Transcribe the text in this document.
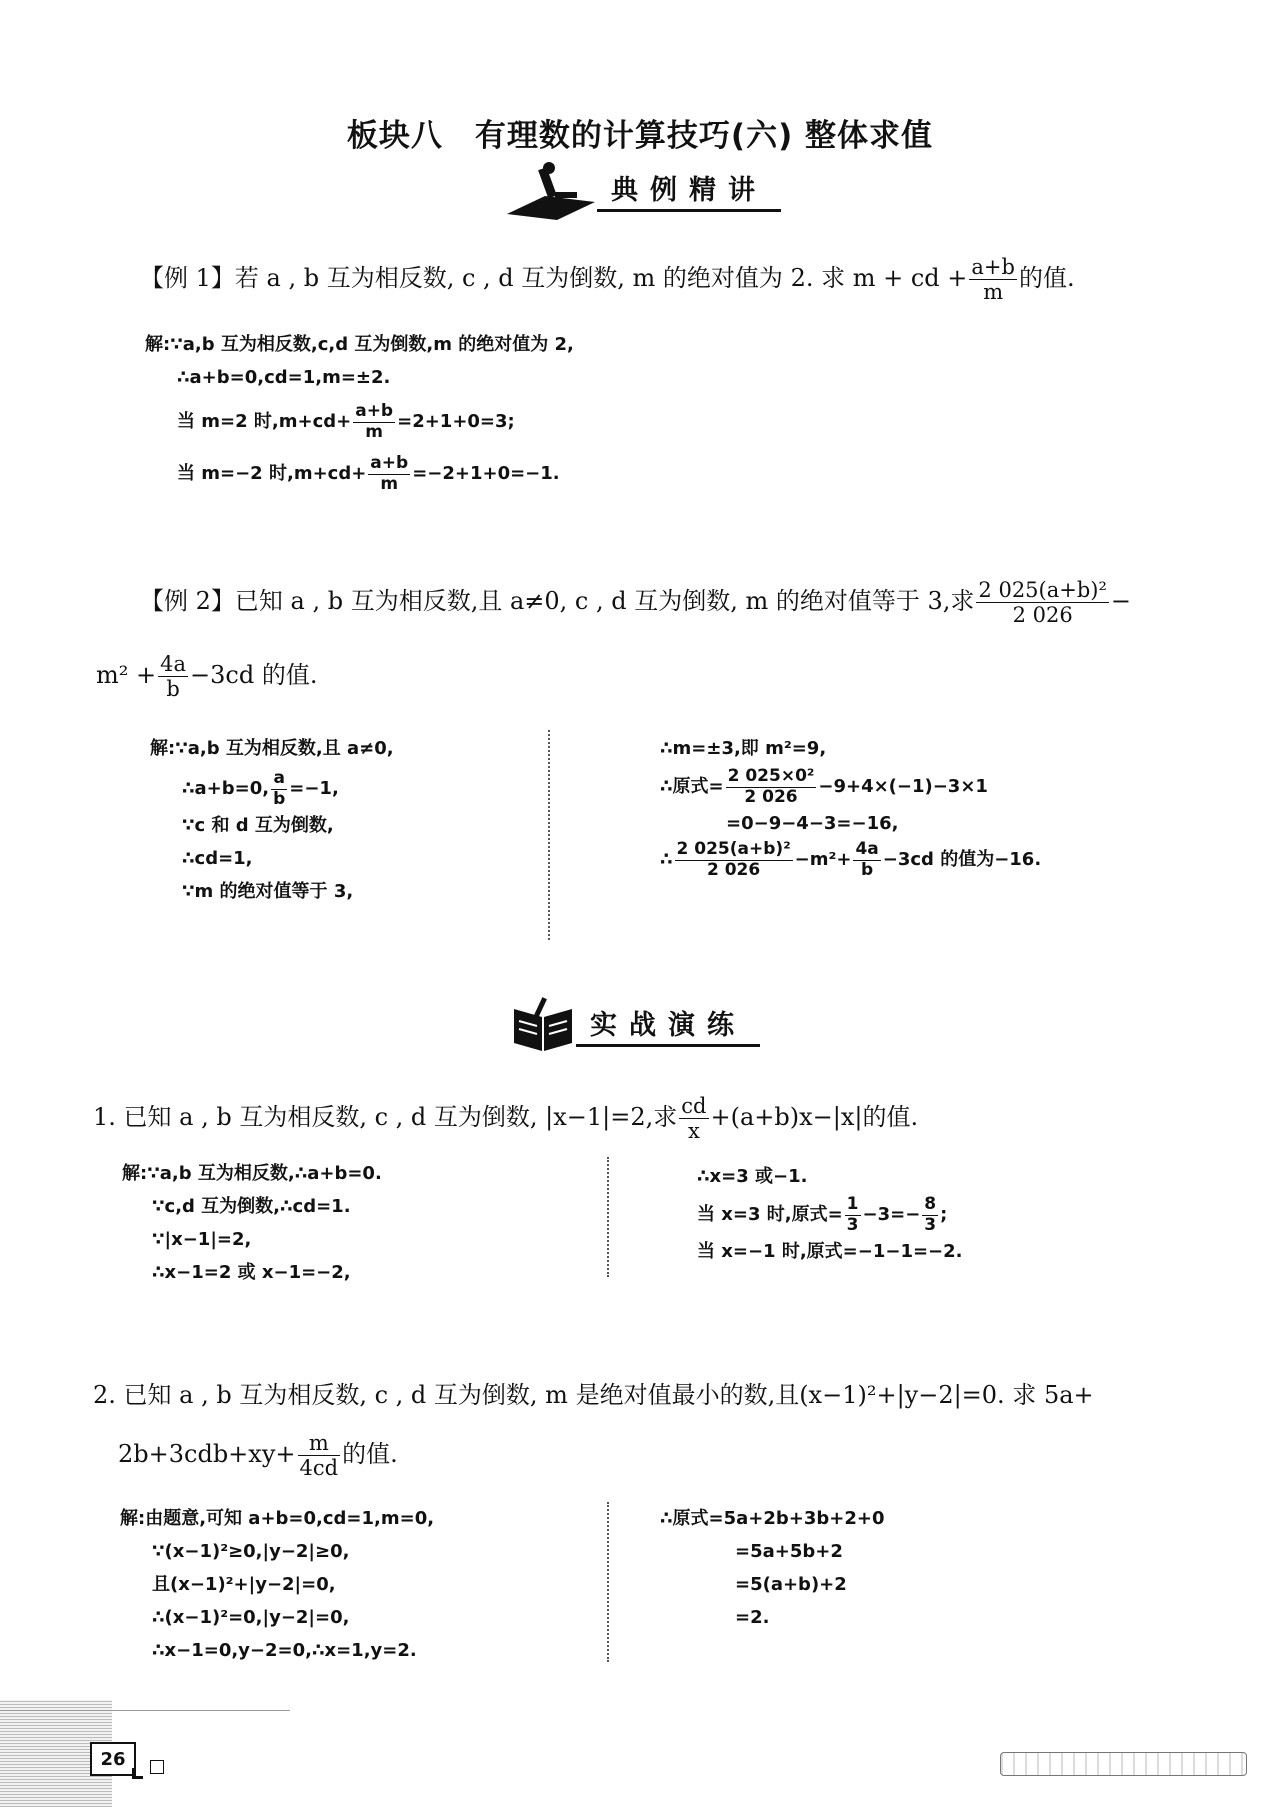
板块八　有理数的计算技巧(六) 整体求值
典例精讲
【例 1】若 a , b 互为相反数, c , d 互为倒数, m 的绝对值为 2. 求 m + cd + $\frac{a+b}{m}$ 的值.
解:∵a,b 互为相反数,c,d 互为倒数,m 的绝对值为 2,
∴a+b=0,cd=1,m=±2.
当 m=2 时$,m+cd+ \frac{a+b}{m} =2+1+0=3$;
当 m=−2 时$,m+cd+ \frac{a+b}{m} =-2+1+0=-1$.
【例 2】已知 a , b 互为相反数,且 a≠0, c , d 互为倒数, m 的绝对值等于 3,求 $\frac{\text{2 025(a+b)²}}{2 026}$ −
$m^2 + \frac{4a}{b} -3cd$ 的值.
解:∵a,b 互为相反数,且 a≠0,
∴a+b=0, $\frac{a}{b} =-1$,
∵c 和 d 互为倒数,
∴cd=1,
∵m 的绝对值等于 3,
∴m=±3,即 m²=9,
∴原式= $\frac{\text{2 025×0²}}{2 026} -9+4\times(-1)-3\times 1$
=0−9−4−3=−16,
∴ $\frac{\text{2 025(a+b)²}}{2 026} -m^2+ \frac{4a}{b} -3cd$ 的值为−16.
实战演练
1. 已知 a , b 互为相反数, c , d 互为倒数, |x−1|=2,求 $\frac{cd}{x} +(a+b)x-|x|$的值.
解:∵a,b 互为相反数,∴a+b=0.
∵c,d 互为倒数,∴cd=1.
∵|x−1|=2,
∴x−1=2 或 x−1=−2,
∴x=3 或−1.
当 x=3 时,原式= $\frac{1}{3} -3=- \frac{8}{3}$ ;
当 x=−1 时,原式=−1−1=−2.
2. 已知 a , b 互为相反数, c , d 互为倒数, m 是绝对值最小的数,且(x−1)²+|y−2|=0. 求 5a+
$2b+3cdb+xy+ \frac{m}{4cd}$ 的值.
解:由题意,可知 a+b=0,cd=1,m=0,
∵(x−1)²≥0,|y−2|≥0,
且(x−1)²+|y−2|=0,
∴(x−1)²=0,|y−2|=0,
∴x−1=0,y−2=0,∴x=1,y=2.
∴原式=5a+2b+3b+2+0
=5a+5b+2
=5(a+b)+2
=2.
26
